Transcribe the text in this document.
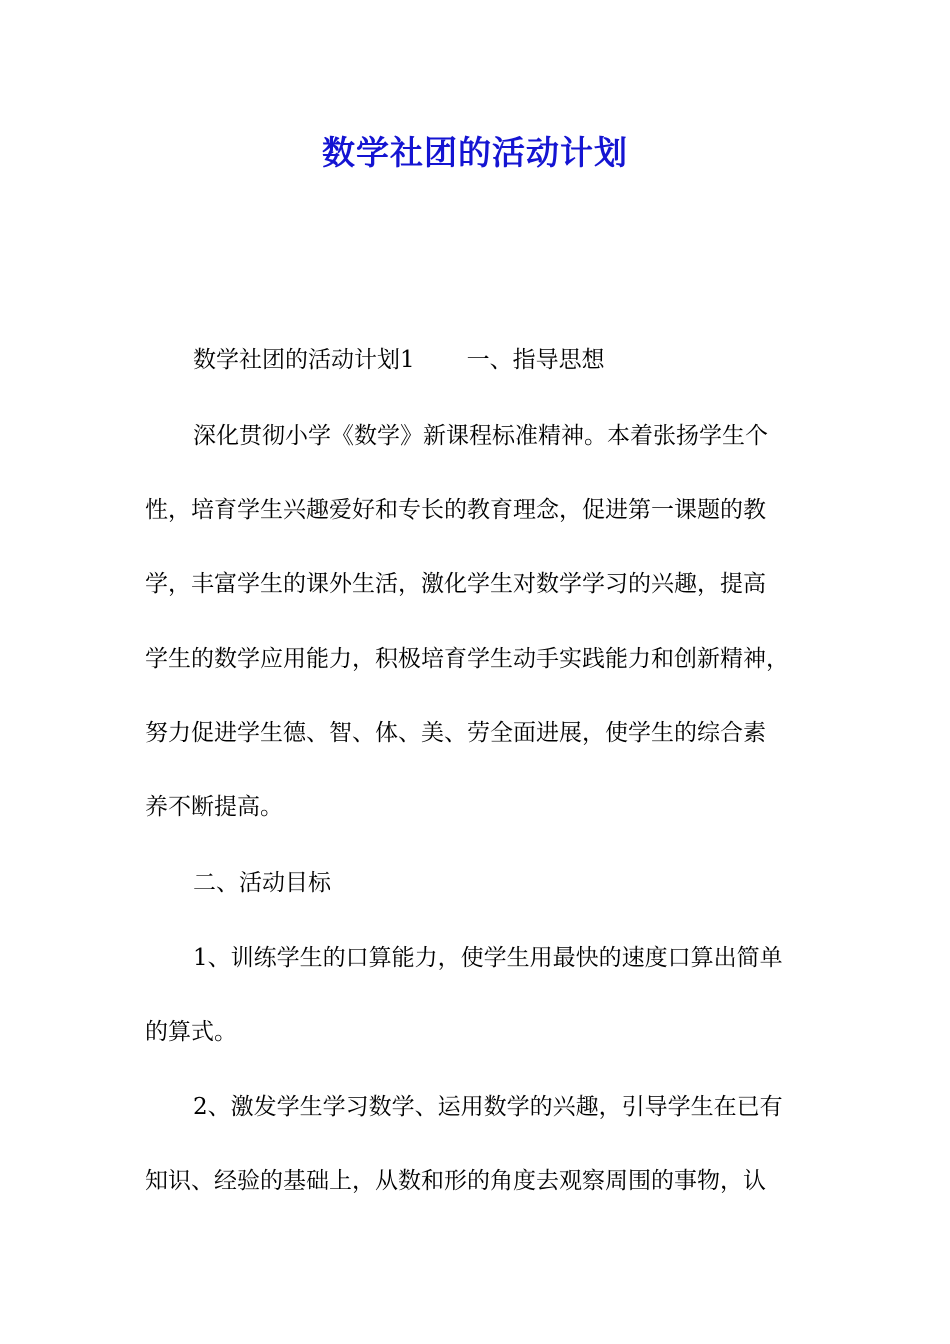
数学社团的活动计划
数学社团的活动计划1 一、指导思想
深化贯彻小学《数学》新课程标准精神。本着张扬学生个
性，培育学生兴趣爱好和专长的教育理念，促进第一课题的教
学，丰富学生的课外生活，激化学生对数学学习的兴趣，提高
学生的数学应用能力，积极培育学生动手实践能力和创新精神，
努力促进学生德、智、体、美、劳全面进展，使学生的综合素
养不断提高。
二、活动目标
1、训练学生的口算能力，使学生用最快的速度口算出简单
的算式。
2、激发学生学习数学、运用数学的兴趣，引导学生在已有
知识、经验的基础上，从数和形的角度去观察周围的事物，认
